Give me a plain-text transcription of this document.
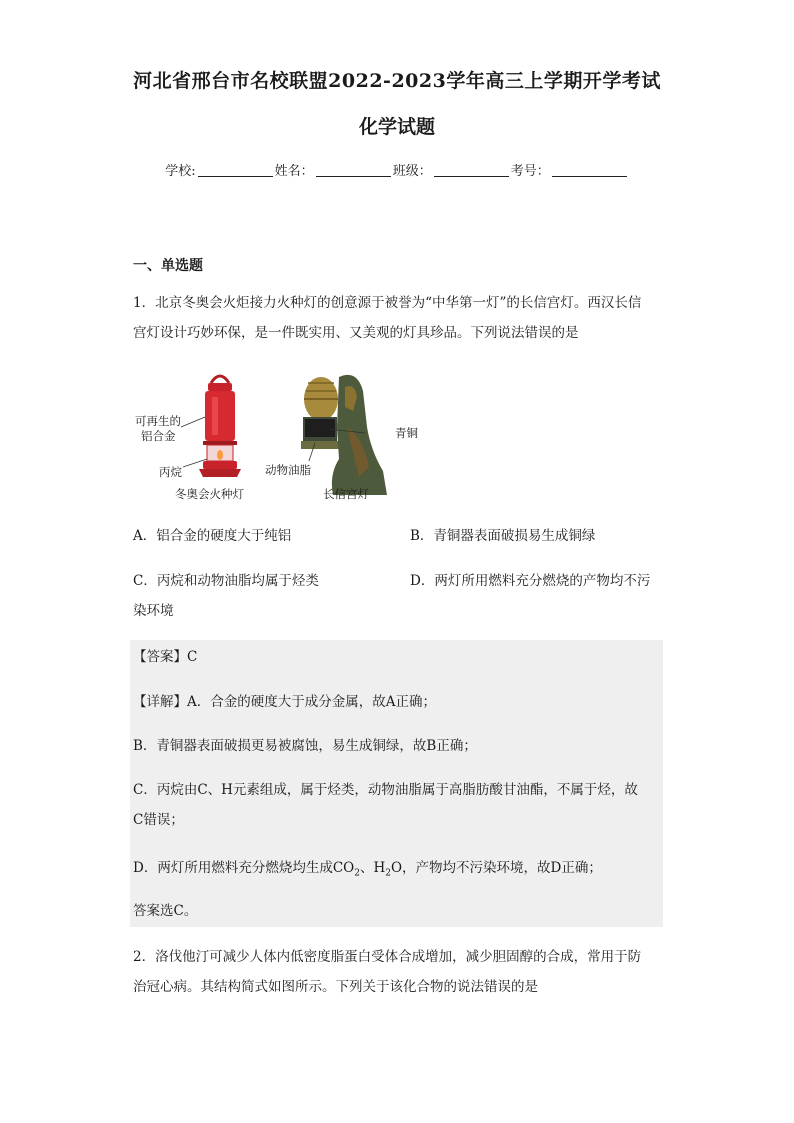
河北省邢台市名校联盟2022-2023学年高三上学期开学考试
化学试题
学校:	姓名：	班级：	考号：
一、单选题
1．北京冬奥会火炬接力火种灯的创意源于被誉为“中华第一灯”的长信宫灯。西汉长信
宫灯设计巧妙环保，是一件既实用、又美观的灯具珍品。下列说法错误的是
可再生的
铝合金
丙烷
冬奥会火种灯
青铜
动物油脂
长信宫灯
A．铝合金的硬度大于纯铝	B．青铜器表面破损易生成铜绿
C．丙烷和动物油脂均属于烃类	D．两灯所用燃料充分燃烧的产物均不污
染环境
【答案】C
【详解】A．合金的硬度大于成分金属，故A正确；
B．青铜器表面破损更易被腐蚀，易生成铜绿，故B正确；
C．丙烷由C、H元素组成，属于烃类，动物油脂属于高脂肪酸甘油酯，不属于烃，故
C错误；
D．两灯所用燃料充分燃烧均生成$CO_2$、$H_2O$，产物均不污染环境，故D正确；
答案选C。
2．洛伐他汀可减少人体内低密度脂蛋白受体合成增加，减少胆固醇的合成，常用于防
治冠心病。其结构简式如图所示。下列关于该化合物的说法错误的是
